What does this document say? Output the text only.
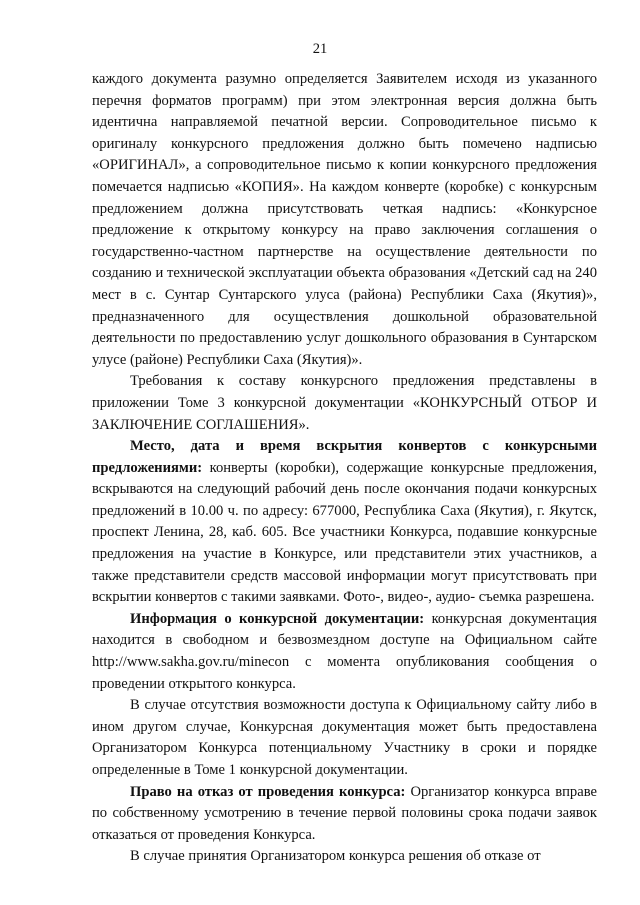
21

каждого документа разумно определяется Заявителем исходя из указанного перечня форматов программ) при этом электронная версия должна быть идентична направляемой печатной версии. Сопроводительное письмо к оригиналу конкурсного предложения должно быть помечено надписью «ОРИГИНАЛ», а сопроводительное письмо к копии конкурсного предложения помечается надписью «КОПИЯ». На каждом конверте (коробке) с конкурсным предложением должна присутствовать четкая надпись: «Конкурсное предложение к открытому конкурсу на право заключения соглашения о государственно-частном партнерстве на осуществление деятельности по созданию и технической эксплуатации объекта образования «Детский сад на 240 мест в с. Сунтар Сунтарского улуса (района) Республики Саха (Якутия)», предназначенного для осуществления дошкольной образовательной деятельности по предоставлению услуг дошкольного образования в Сунтарском улусе (районе) Республики Саха (Якутия)».

Требования к составу конкурсного предложения представлены в приложении Томе 3 конкурсной документации «КОНКУРСНЫЙ ОТБОР И ЗАКЛЮЧЕНИЕ СОГЛАШЕНИЯ».

Место, дата и время вскрытия конвертов с конкурсными предложениями: конверты (коробки), содержащие конкурсные предложения, вскрываются на следующий рабочий день после окончания подачи конкурсных предложений в 10.00 ч. по адресу: 677000, Республика Саха (Якутия), г. Якутск, проспект Ленина, 28, каб. 605. Все участники Конкурса, подавшие конкурсные предложения на участие в Конкурсе, или представители этих участников, а также представители средств массовой информации могут присутствовать при вскрытии конвертов с такими заявками. Фото-, видео-, аудио- съемка разрешена.

Информация о конкурсной документации: конкурсная документация находится в свободном и безвозмездном доступе на Официальном сайте http://www.sakha.gov.ru/minecon с момента опубликования сообщения о проведении открытого конкурса.

В случае отсутствия возможности доступа к Официальному сайту либо в ином другом случае, Конкурсная документация может быть предоставлена Организатором Конкурса потенциальному Участнику в сроки и порядке определенные в Томе 1 конкурсной документации.

Право на отказ от проведения конкурса: Организатор конкурса вправе по собственному усмотрению в течение первой половины срока подачи заявок отказаться от проведения Конкурса.

В случае принятия Организатором конкурса решения об отказе от
